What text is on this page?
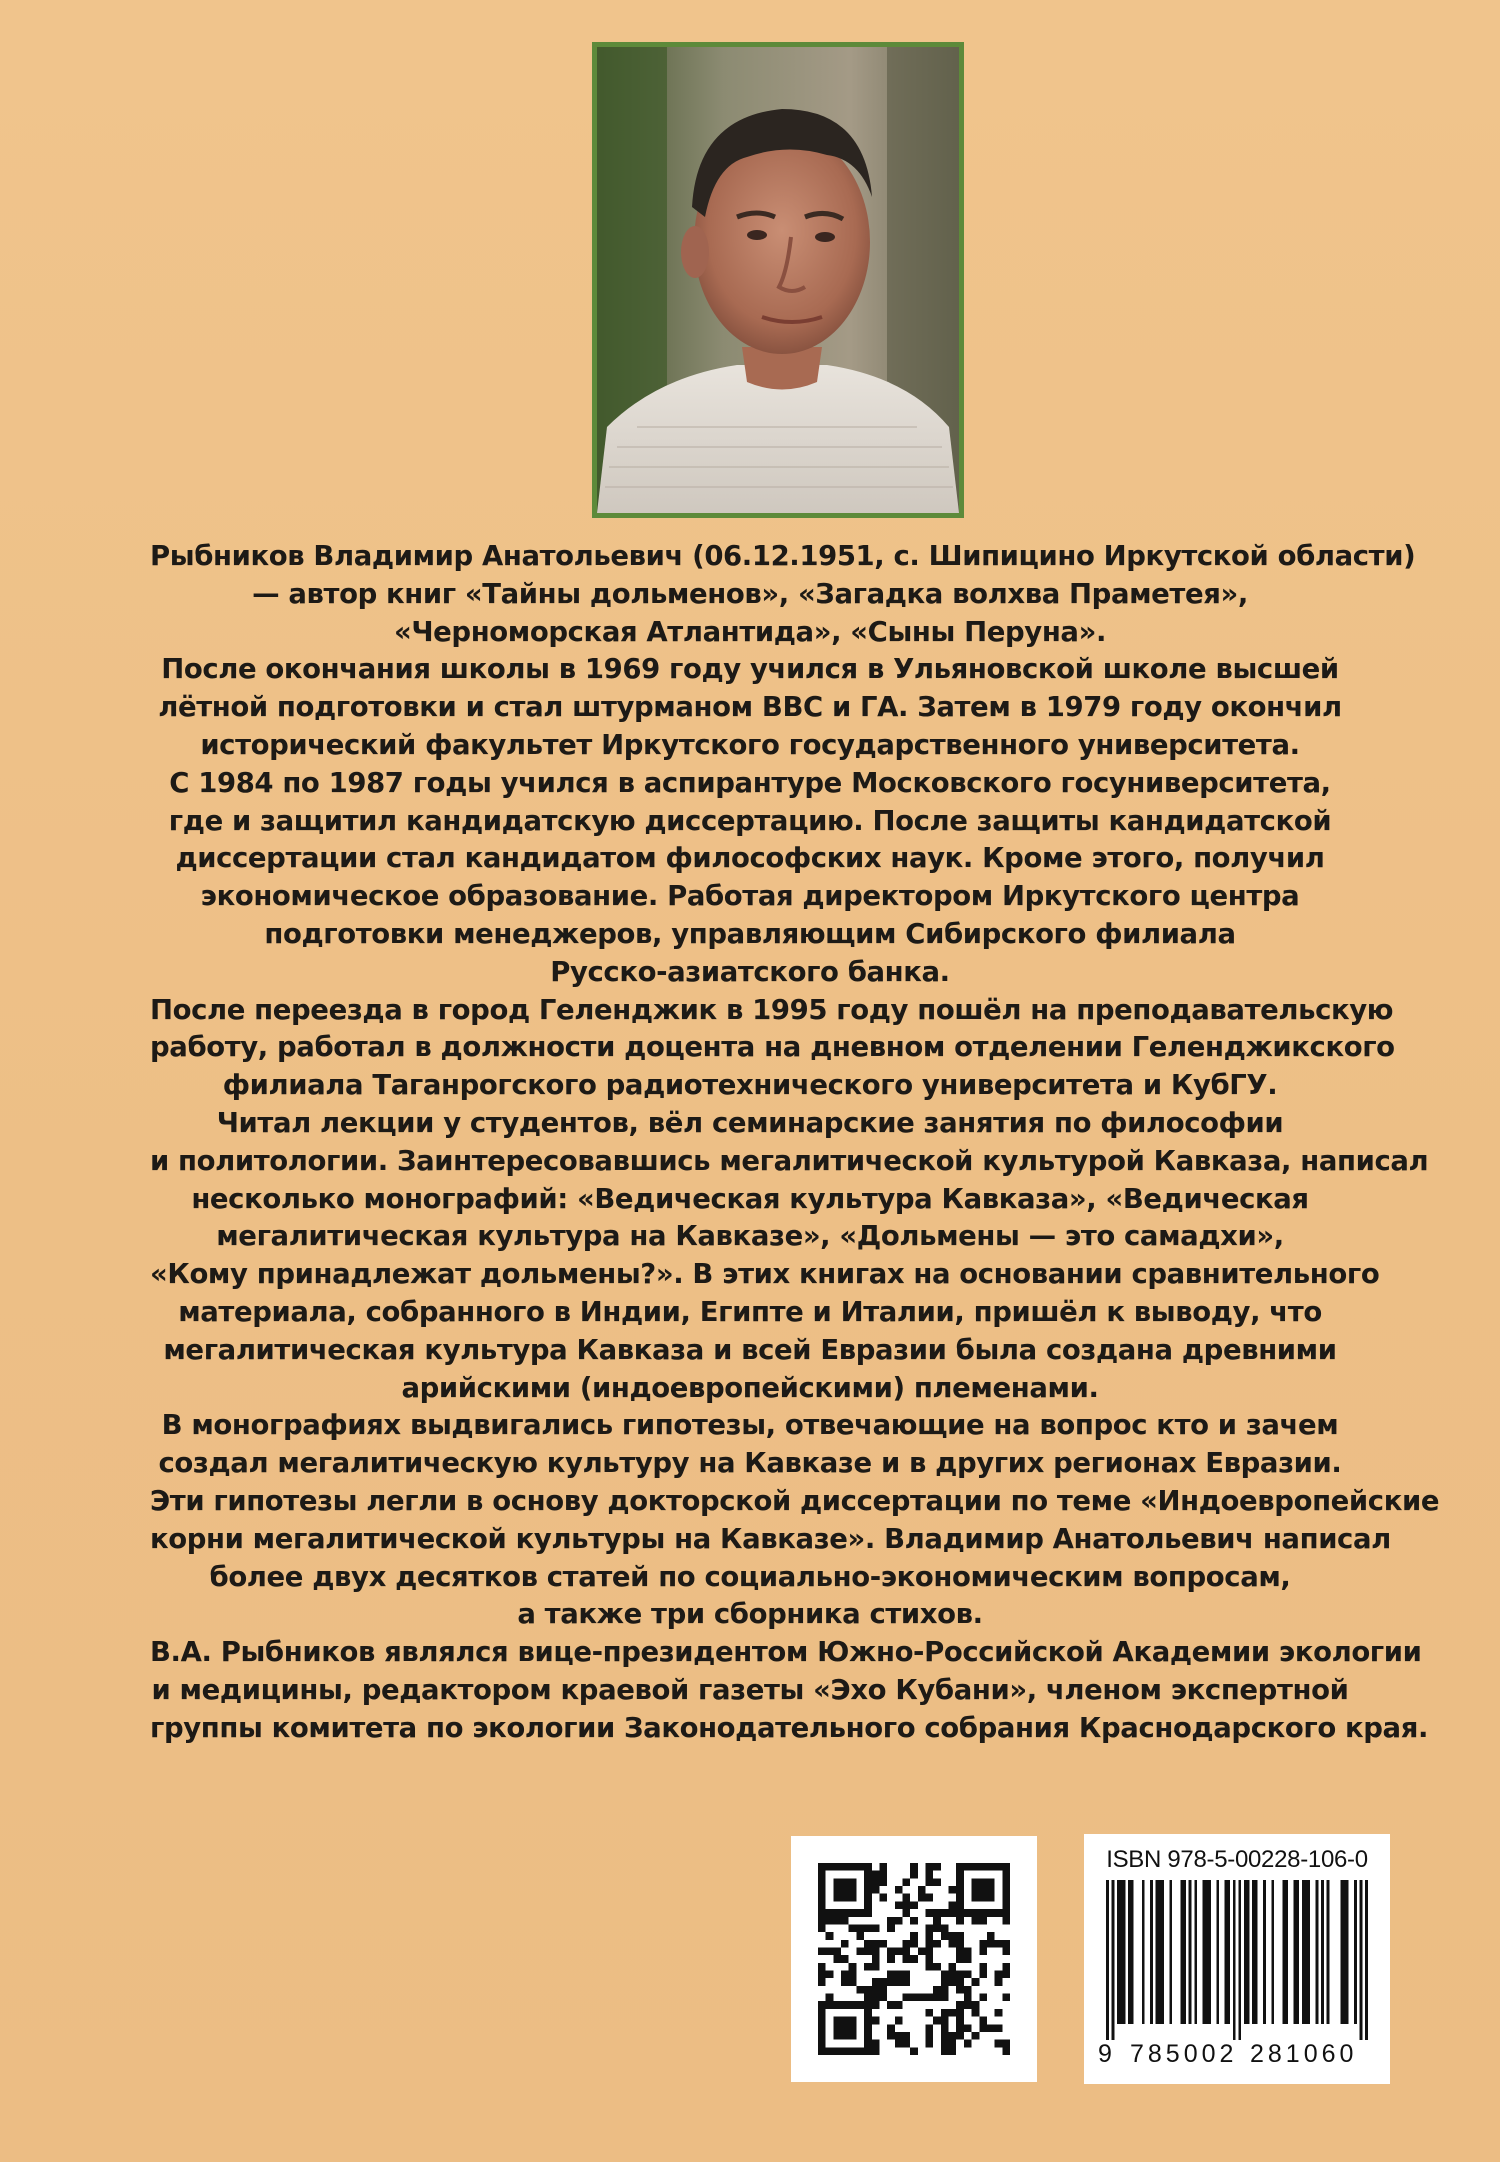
Рыбников Владимир Анатольевич (06.12.1951, с. Шипицино Иркутской области)
— автор книг «Тайны дольменов», «Загадка волхва Праметея»,
«Черноморская Атлантида», «Сыны Перуна».
После окончания школы в 1969 году учился в Ульяновской школе высшей
лётной подготовки и стал штурманом ВВС и ГА. Затем в 1979 году окончил
исторический факультет Иркутского государственного университета.
С 1984 по 1987 годы учился в аспирантуре Московского госуниверситета,
где и защитил кандидатскую диссертацию. После защиты кандидатской
диссертации стал кандидатом философских наук. Кроме этого, получил
экономическое образование. Работая директором Иркутского центра
подготовки менеджеров, управляющим Сибирского филиала
Русско-азиатского банка.
После переезда в город Геленджик в 1995 году пошёл на преподавательскую
работу, работал в должности доцента на дневном отделении Геленджикского
филиала Таганрогского радиотехнического университета и КубГУ.
Читал лекции у студентов, вёл семинарские занятия по философии
и политологии. Заинтересовавшись мегалитической культурой Кавказа, написал
несколько монографий: «Ведическая культура Кавказа», «Ведическая
мегалитическая культура на Кавказе», «Дольмены — это самадхи»,
«Кому принадлежат дольмены?». В этих книгах на основании сравнительного
материала, собранного в Индии, Египте и Италии, пришёл к выводу, что
мегалитическая культура Кавказа и всей Евразии была создана древними
арийскими (индоевропейскими) племенами.
В монографиях выдвигались гипотезы, отвечающие на вопрос кто и зачем
создал мегалитическую культуру на Кавказе и в других регионах Евразии.
Эти гипотезы легли в основу докторской диссертации по теме «Индоевропейские
корни мегалитической культуры на Кавказе». Владимир Анатольевич написал
более двух десятков статей по социально-экономическим вопросам,
а также три сборника стихов.
В.А. Рыбников являлся вице-президентом Южно-Российской Академии экологии
и медицины, редактором краевой газеты «Эхо Кубани», членом экспертной
группы комитета по экологии Законодательного собрания Краснодарского края.

ISBN 978-5-00228-106-0
9 785002 281060
